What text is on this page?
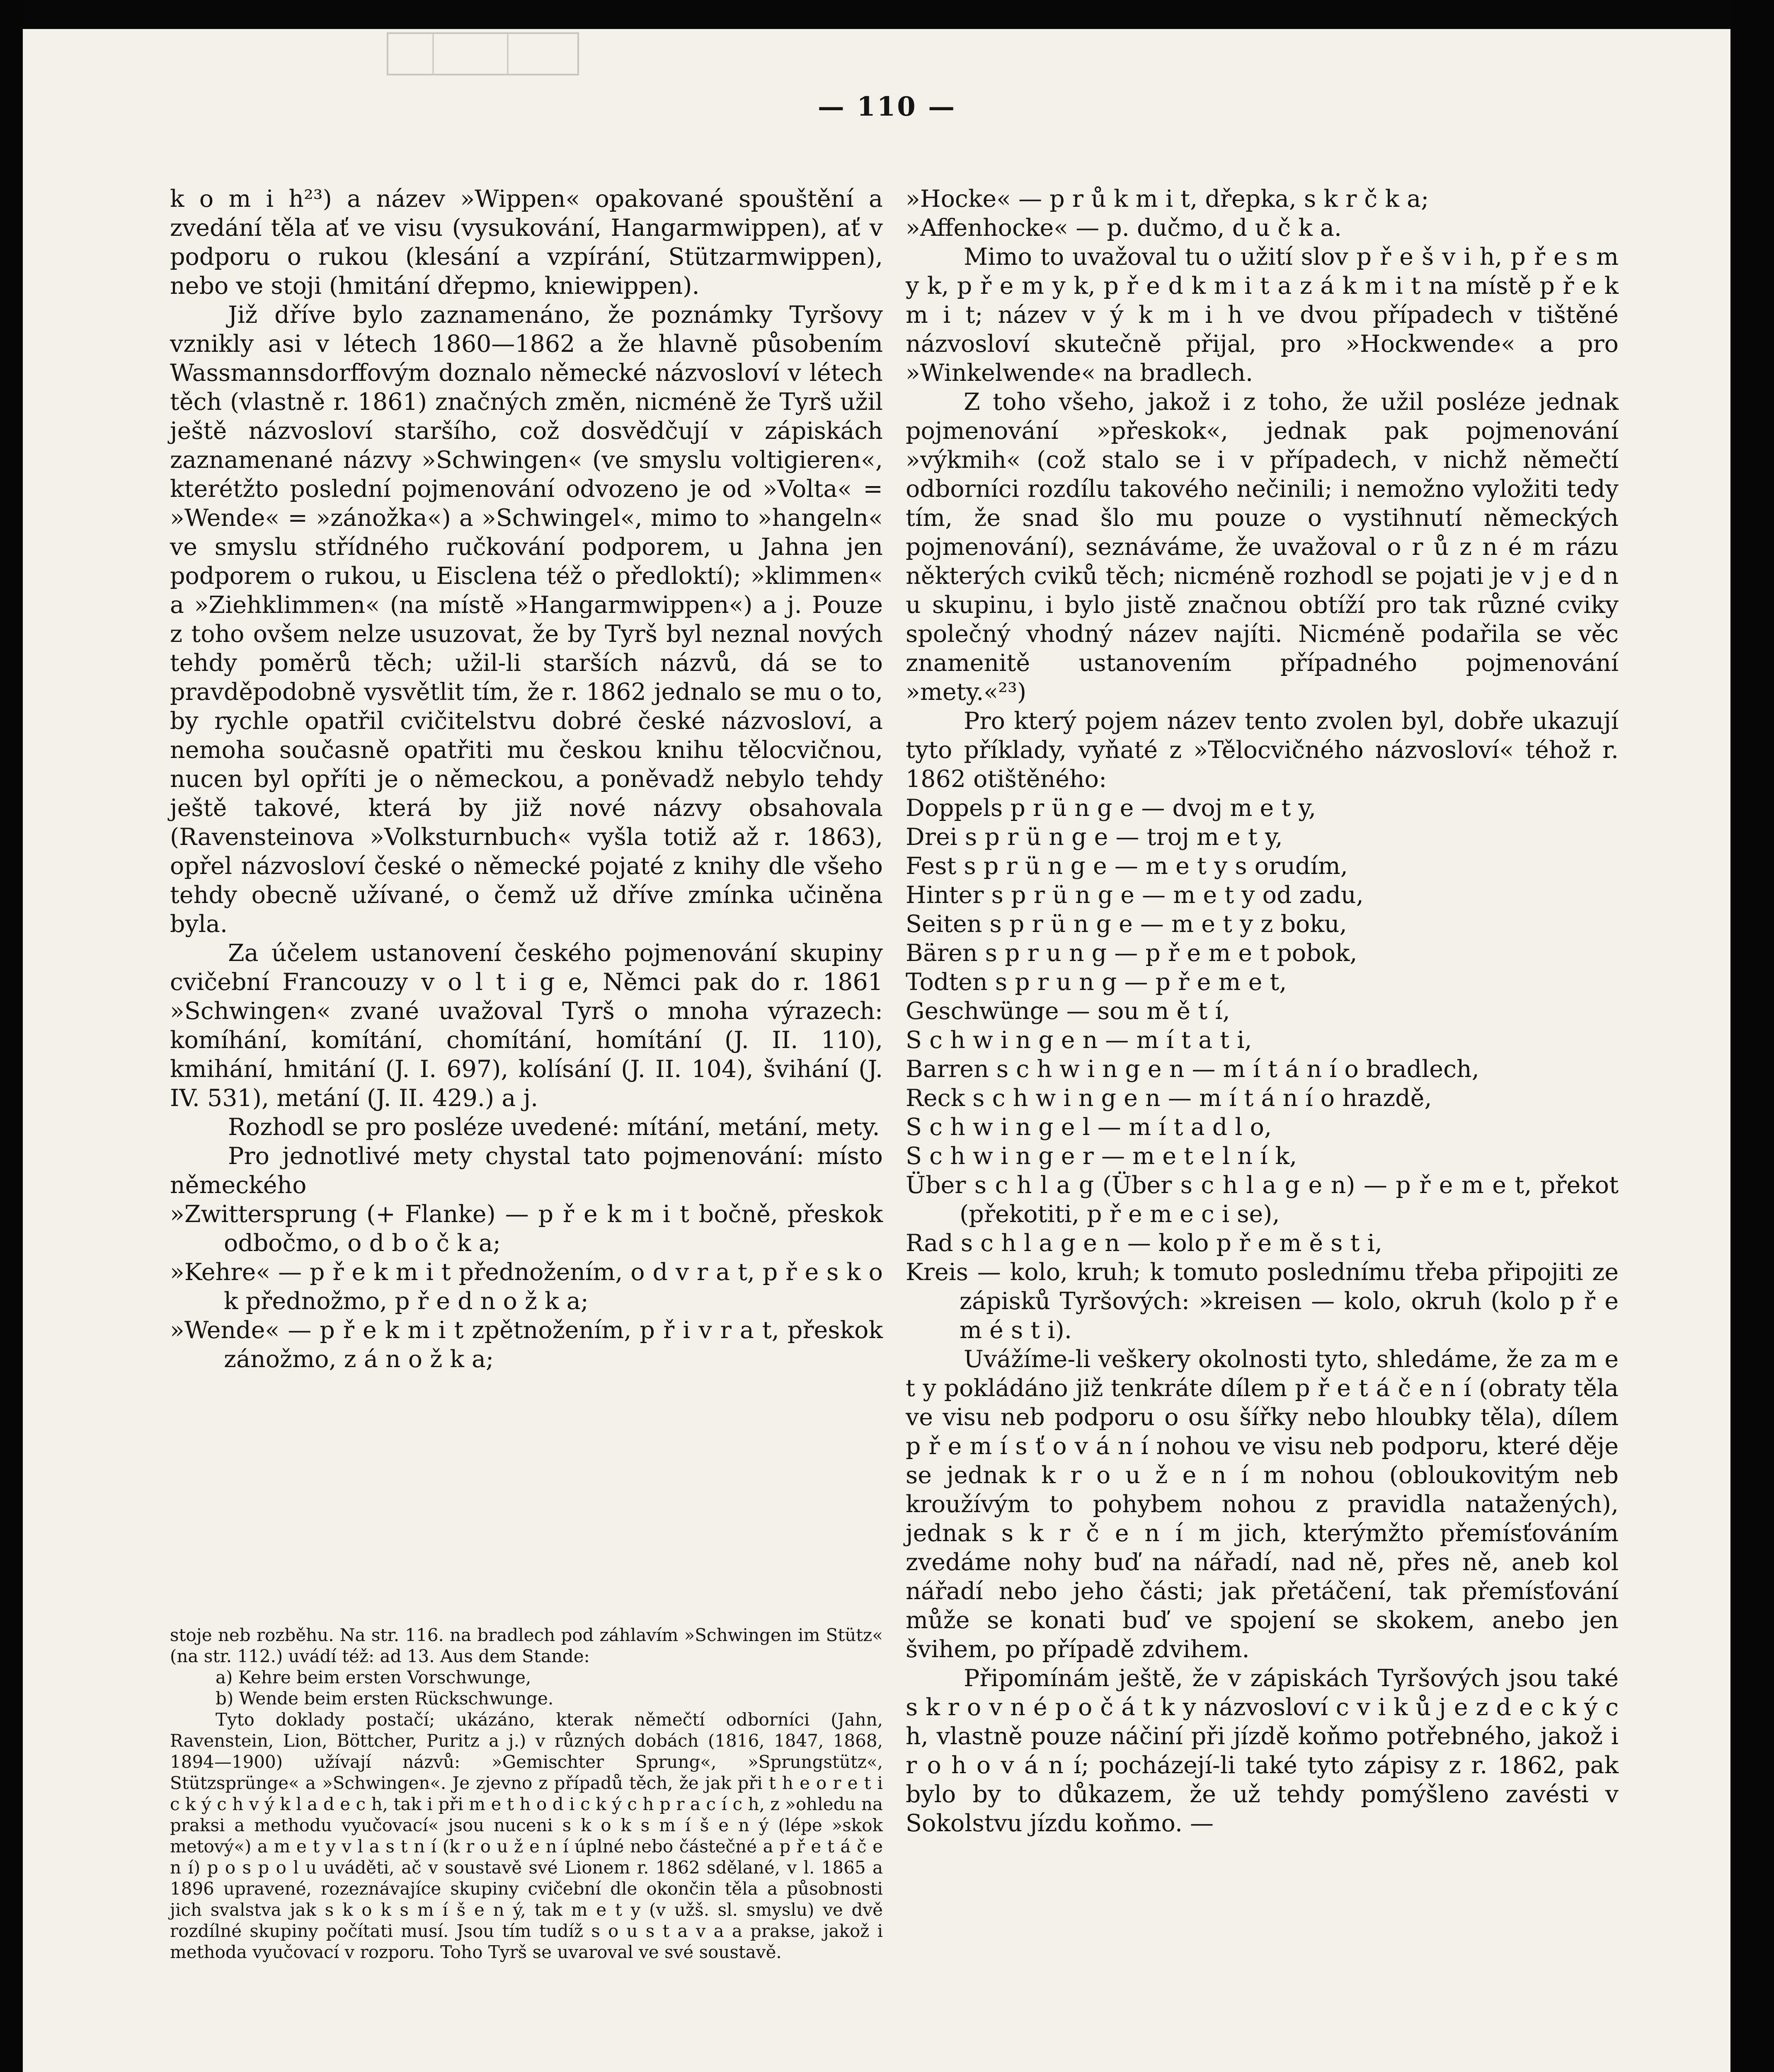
— 110 —

k o m i h²³) a název »Wippen« opakované spouštění a zvedání těla ať ve visu (vysukování, Hangarmwippen), ať v podporu o rukou (klesání a vzpírání, Stützarmwippen), nebo ve stoji (hmitání dřepmo, kniewippen).

Již dříve bylo zaznamenáno, že poznámky Tyršovy vznikly asi v létech 1860—1862 a že hlavně působením Wassmannsdorffovým doznalo německé názvosloví v létech těch (vlastně r. 1861) značných změn, nicméně že Tyrš užil ještě názvosloví staršího, což dosvědčují v zápiskách zaznamenané názvy »Schwingen« (ve smyslu voltigieren«, kterétžto poslední pojmenování odvozeno je od »Volta« = »Wende« = »zánožka«) a »Schwingel«, mimo to »hangeln« ve smyslu střídného ručkování podporem, u Jahna jen podporem o rukou, u Eisclena též o předloktí); »klimmen« a »Ziehklimmen« (na místě »Hangarmwippen«) a j. Pouze z toho ovšem nelze usuzovat, že by Tyrš byl neznal nových tehdy poměrů těch; užil-li starších názvů, dá se to pravděpodobně vysvětlit tím, že r. 1862 jednalo se mu o to, by rychle opatřil cvičitelstvu dobré české názvosloví, a nemoha současně opatřiti mu českou knihu tělocvičnou, nucen byl opříti je o německou, a poněvadž nebylo tehdy ještě takové, která by již nové názvy obsahovala (Ravensteinova »Volksturnbuch« vyšla totiž až r. 1863), opřel názvosloví české o německé pojaté z knihy dle všeho tehdy obecně užívané, o čemž už dříve zmínka učiněna byla.

Za účelem ustanovení českého pojmenování skupiny cvičební Francouzy v o l t i g e, Němci pak do r. 1861 »Schwingen« zvané uvažoval Tyrš o mnoha výrazech: komíhání, komítání, chomítání, homítání (J. II. 110), kmihání, hmitání (J. I. 697), kolísání (J. II. 104), švihání (J. IV. 531), metání (J. II. 429.) a j.

Rozhodl se pro posléze uvedené: mítání, metání, mety.

Pro jednotlivé mety chystal tato pojmenování: místo německého

»Zwittersprung (+ Flanke) — p ř e k m i t bočně, přeskok odbočmo, o d b o č k a;

»Kehre« — p ř e k m i t přednožením, o d v r a t, p ř e s k o k přednožmo, p ř e d n o ž k a;

»Wende« — p ř e k m i t zpětnožením, p ř i v r a t, přeskok zánožmo, z á n o ž k a;

stoje neb rozběhu. Na str. 116. na bradlech pod záhlavím »Schwingen im Stütz« (na str. 112.) uvádí též: ad 13. Aus dem Stande:

a) Kehre beim ersten Vorschwunge,

b) Wende beim ersten Rückschwunge.

Tyto doklady postačí; ukázáno, kterak němečtí odborníci (Jahn, Ravenstein, Lion, Böttcher, Puritz a j.) v různých dobách (1816, 1847, 1868, 1894—1900) užívají názvů: »Gemischter Sprung«, »Sprungstütz«, Stützsprünge« a »Schwingen«. Je zjevno z případů těch, že jak při t h e o r e t i c k ý c h v ý k l a d e c h, tak i při m e t h o d i c k ý c h p r a c í c h, z »ohledu na praksi a methodu vyučovací« jsou nuceni s k o k s m í š e n ý (lépe »skok metový«) a m e t y v l a s t n í (k r o u ž e n í úplné nebo částečné a p ř e t á č e n í) p o s p o l u uváděti, ač v soustavě své Lionem r. 1862 sdělané, v l. 1865 a 1896 upravené, rozeznávajíce skupiny cvičební dle okončin těla a působnosti jich svalstva jak s k o k s m í š e n ý, tak m e t y (v užš. sl. smyslu) ve dvě rozdílné skupiny počítati musí. Jsou tím tudíž s o u s t a v a a prakse, jakož i methoda vyučovací v rozporu. Toho Tyrš se uvaroval ve své soustavě.

»Hocke« — p r ů k m i t, dřepka, s k r č k a;

»Affenhocke« — p. dučmo, d u č k a.

Mimo to uvažoval tu o užití slov p ř e š v i h, p ř e s m y k, p ř e m y k, p ř e d k m i t a z á k m i t na místě p ř e k m i t; název v ý k m i h ve dvou případech v tištěné názvosloví skutečně přijal, pro »Hockwende« a pro »Winkelwende« na bradlech.

Z toho všeho, jakož i z toho, že užil posléze jednak pojmenování »přeskok«, jednak pak pojmenování »výkmih« (což stalo se i v případech, v nichž němečtí odborníci rozdílu takového nečinili; i nemožno vyložiti tedy tím, že snad šlo mu pouze o vystihnutí německých pojmenování), seznáváme, že uvažoval o r ů z n é m rázu některých cviků těch; nicméně rozhodl se pojati je v j e d n u skupinu, i bylo jistě značnou obtíží pro tak různé cviky společný vhodný název najíti. Nicméně podařila se věc znamenitě ustanovením případného pojmenování »mety.«²³)

Pro který pojem název tento zvolen byl, dobře ukazují tyto příklady, vyňaté z »Tělocvičného názvosloví« téhož r. 1862 otištěného:

Doppels p r ü n g e — dvoj m e t y,

Drei s p r ü n g e — troj m e t y,

Fest s p r ü n g e — m e t y s orudím,

Hinter s p r ü n g e — m e t y od zadu,

Seiten s p r ü n g e — m e t y z boku,

Bären s p r u n g — p ř e m e t pobok,

Todten s p r u n g — p ř e m e t,

Geschwünge — sou m ě t í,

S c h w i n g e n — m í t a t i,

Barren s c h w i n g e n — m í t á n í o bradlech,

Reck s c h w i n g e n — m í t á n í o hrazdě,

S c h w i n g e l — m í t a d l o,

S c h w i n g e r — m e t e l n í k,

Über s c h l a g (Über s c h l a g e n) — p ř e m e t, překot (překotiti, p ř e m e c i se),

Rad s c h l a g e n — kolo p ř e m ě s t i,

Kreis — kolo, kruh; k tomuto poslednímu třeba připojiti ze zápisků Tyršových: »kreisen — kolo, okruh (kolo p ř e m é s t i).

Uvážíme-li veškery okolnosti tyto, shledáme, že za m e t y pokládáno již tenkráte dílem p ř e t á č e n í (obraty těla ve visu neb podporu o osu šířky nebo hloubky těla), dílem p ř e m í s ť o v á n í nohou ve visu neb podporu, které děje se jednak k r o u ž e n í m nohou (obloukovitým neb kroužívým to pohybem nohou z pravidla natažených), jednak s k r č e n í m jich, kterýmžto přemísťováním zvedáme nohy buď na nářadí, nad ně, přes ně, aneb kol nářadí nebo jeho části; jak přetáčení, tak přemísťování může se konati buď ve spojení se skokem, anebo jen švihem, po případě zdvihem.

Připomínám ještě, že v zápiskách Tyršových jsou také s k r o v n é p o č á t k y názvosloví c v i k ů j e z d e c k ý c h, vlastně pouze náčiní při jízdě koňmo potřebného, jakož i r o h o v á n í; pocházejí-li také tyto zápisy z r. 1862, pak bylo by to důkazem, že už tehdy pomýšleno zavésti v Sokolstvu jízdu koňmo. —
